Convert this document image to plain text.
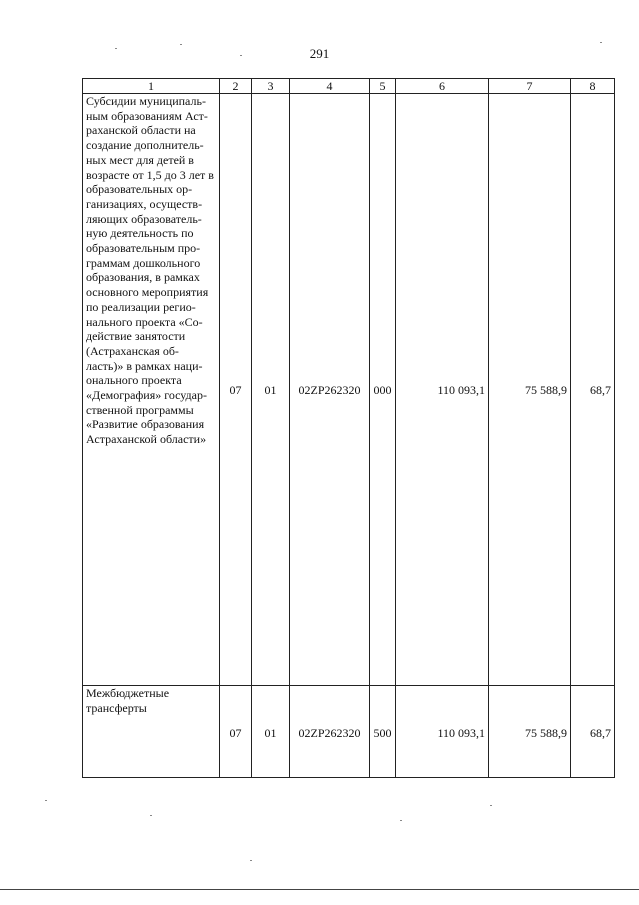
291
1	2	3	4	5	6	7	8
Субсидии муниципаль-ным образованиям Аст-раханской области на создание дополнитель-ных мест для детей в возрасте от 1,5 до 3 лет в образовательных ор-ганизациях, осуществ-ляющих образователь-ную деятельность по образовательным про-граммам дошкольного образования, в рамках основного мероприятия по реализации регио-нального проекта «Со-действие занятости (Астраханская об-ласть)» в рамках наци-онального проекта «Демография» государ-ственной программы «Развитие образования Астраханской области»	07	01	02ZP262320	000	110 093,1	75 588,9	68,7
Межбюджетные трансферты	07	01	02ZP262320	500	110 093,1	75 588,9	68,7
